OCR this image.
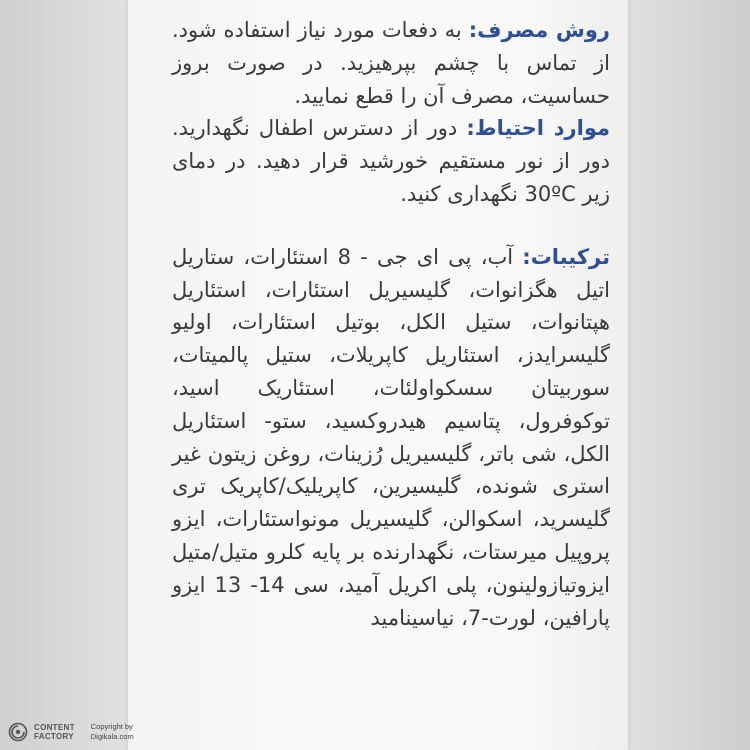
روش مصرف: به دفعات مورد نیاز استفاده شود. از تماس با چشم بپرهیزید. در صورت بروز حساسیت، مصرف آن را قطع نمایید.
موارد احتیاط: دور از دسترس اطفال نگهدارید. دور از نور مستقیم خورشید قرار دهید. در دمای زیر 30ºC نگهداری کنید.
ترکیبات: آب، پی ای جی - 8 استئارات، ستاریل اتیل هگزانوات، گلیسیریل استئارات، استئاریل هپتانوات، ستیل الکل، بوتیل استئارات، اولیو گلیسرایدز، استئاریل کاپریلات، ستیل پالمیتات، سوربیتان سسکواولئات، استئاریک اسید، توکوفرول، پتاسیم هیدروکسید، ستو- استئاریل الکل، شی باتر، گلیسیریل رُزینات، روغن زیتون غیر استری شونده، گلیسیرین، کاپریلیک/کاپریک تری گلیسرید، اسکوالن، گلیسیریل مونواستئارات، ایزو پروپیل میرستات، نگهدارنده بر پایه کلرو متیل/متیل ایزوتیازولینون، پلی اکریل آمید، سی 14- 13 ایزو پارافین، لورت-7، نیاسینامید
CONTENT
FACTORY
Copyright by
Digikala.com
